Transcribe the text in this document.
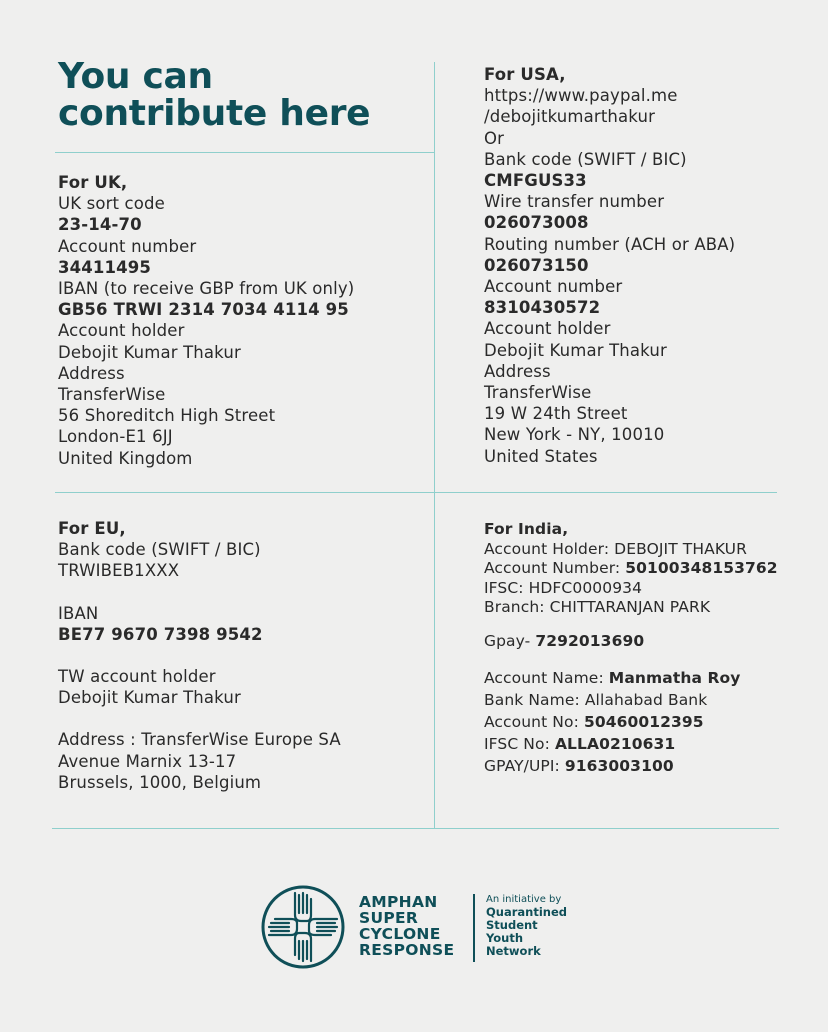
You can
contribute here
For UK,
UK sort code
23-14-70
Account number
34411495
IBAN (to receive GBP from UK only)
GB56 TRWI 2314 7034 4114 95
Account holder
Debojit Kumar Thakur
Address
TransferWise
56 Shoreditch High Street
London-E1 6JJ
United Kingdom
For USA,
https://www.paypal.me
/debojitkumarthakur
Or
Bank code (SWIFT / BIC)
CMFGUS33
Wire transfer number
026073008
Routing number (ACH or ABA)
026073150
Account number
8310430572
Account holder
Debojit Kumar Thakur
Address
TransferWise
19 W 24th Street
New York - NY, 10010
United States
For EU,
Bank code (SWIFT / BIC)
TRWIBEB1XXX
IBAN
BE77 9670 7398 9542
TW account holder
Debojit Kumar Thakur
Address : TransferWise Europe SA
Avenue Marnix 13-17
Brussels, 1000, Belgium
For India,
Account Holder: DEBOJIT THAKUR
Account Number: 50100348153762
IFSC: HDFC0000934
Branch: CHITTARANJAN PARK
Gpay- 7292013690
Account Name: Manmatha Roy
Bank Name: Allahabad Bank
Account No: 50460012395
IFSC No: ALLA0210631
GPAY/UPI: 9163003100
AMPHAN
SUPER
CYCLONE
RESPONSE
An initiative by
Quarantined
Student
Youth
Network
